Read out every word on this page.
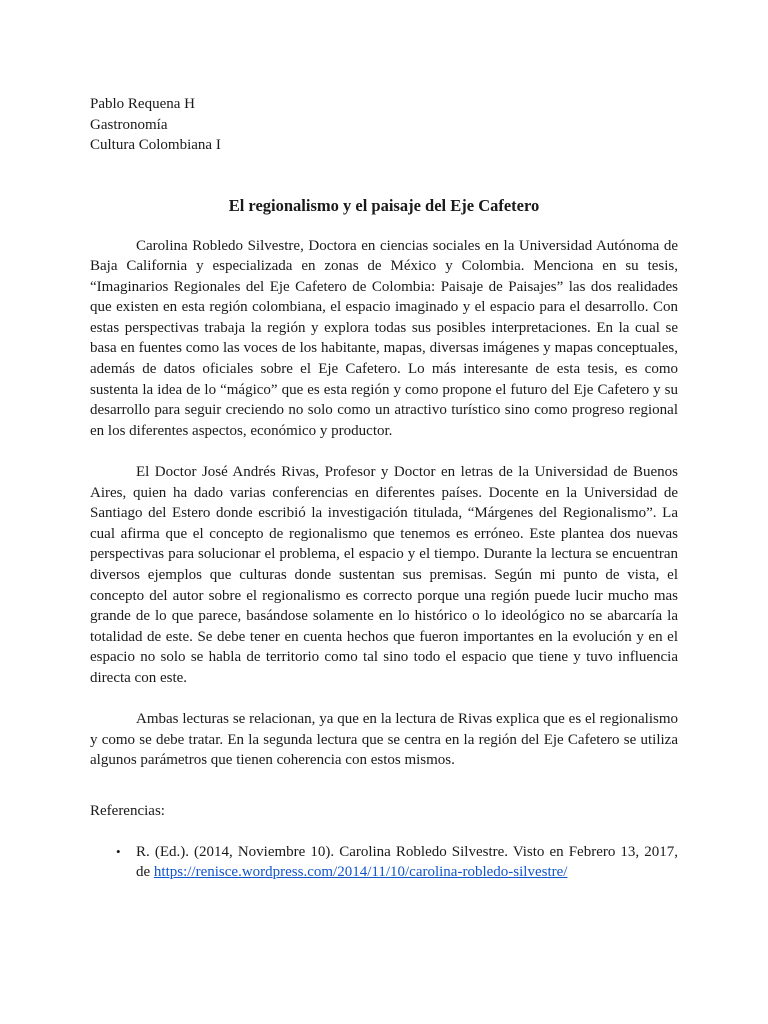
Pablo Requena H

Gastronomía

Cultura Colombiana I

El regionalismo y el paisaje del Eje Cafetero

Carolina Robledo Silvestre, Doctora en ciencias sociales en la Universidad Autónoma de Baja California y especializada en zonas de México y Colombia. Menciona en su tesis, “Imaginarios Regionales del Eje Cafetero de Colombia: Paisaje de Paisajes” las dos realidades que existen en esta región colombiana, el espacio imaginado y el espacio para el desarrollo. Con estas perspectivas trabaja la región y explora todas sus posibles interpretaciones. En la cual se basa en fuentes como las voces de los habitante, mapas, diversas imágenes y mapas conceptuales, además de datos oficiales sobre el Eje Cafetero. Lo más interesante de esta tesis, es como sustenta la idea de lo “mágico” que es esta región y como propone el futuro del Eje Cafetero y su desarrollo para seguir creciendo no solo como un atractivo turístico sino como progreso regional en los diferentes aspectos, económico y productor.

El Doctor José Andrés Rivas, Profesor y Doctor en letras de la Universidad de Buenos Aires, quien ha dado varias conferencias en diferentes países. Docente en la Universidad de Santiago del Estero donde escribió la investigación titulada, “Márgenes del Regionalismo”. La cual afirma que el concepto de regionalismo que tenemos es erróneo. Este plantea dos nuevas perspectivas para solucionar el problema, el espacio y el tiempo. Durante la lectura se encuentran diversos ejemplos que culturas donde sustentan sus premisas. Según mi punto de vista, el concepto del autor sobre el regionalismo es correcto porque una región puede lucir mucho mas grande de lo que parece, basándose solamente en lo histórico o lo ideológico no se abarcaría la totalidad de este. Se debe tener en cuenta hechos que fueron importantes en la evolución y en el espacio no solo se habla de territorio como tal sino todo el espacio que tiene y tuvo influencia directa con este.

Ambas lecturas se relacionan, ya que en la lectura de Rivas explica que es el regionalismo y como se debe tratar. En la segunda lectura que se centra en la región del Eje Cafetero se utiliza algunos parámetros que tienen coherencia con estos mismos.

Referencias:

• R. (Ed.). (2014, Noviembre 10). Carolina Robledo Silvestre. Visto en Febrero 13, 2017, de https://renisce.wordpress.com/2014/11/10/carolina-robledo-silvestre/
